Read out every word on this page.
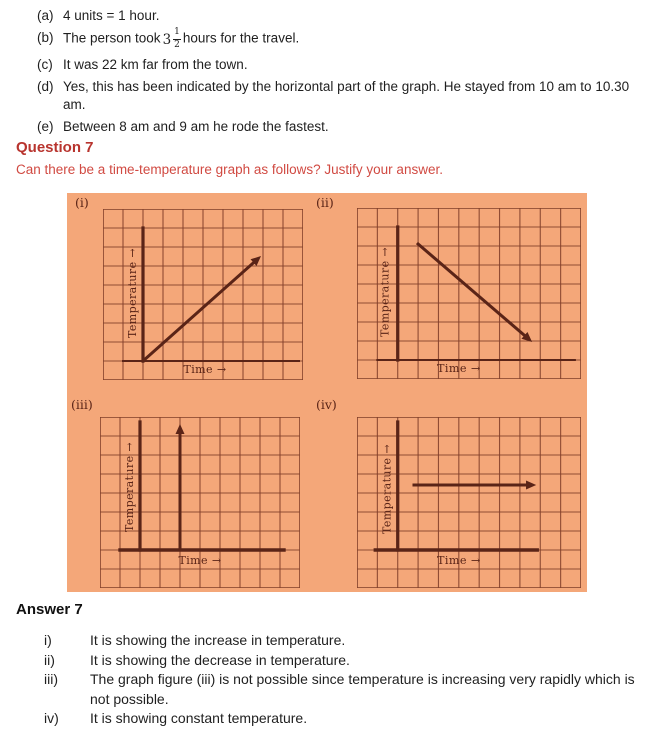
(a) 4 units = 1 hour.
(b) The person took $3 \frac{1}{2}$ hours for the travel.
(c) It was 22 km far from the town.
(d) Yes, this has been indicated by the horizontal part of the graph. He stayed from 10 am to 10.30 am.
(e) Between 8 am and 9 am he rode the fastest.
Question 7

Can there be a time-temperature graph as follows? Justify your answer.

(i)	(ii)
(iii)	(iv)
Temperature →
Time →
Temperature →
Time →
Temperature →
Time →
Temperature →
Time →
Answer 7
i)	It is showing the increase in temperature.
ii)	It is showing the decrease in temperature.
iii)	The graph figure (iii) is not possible since temperature is increasing very rapidly which is not possible.
iv)	It is showing constant temperature.
